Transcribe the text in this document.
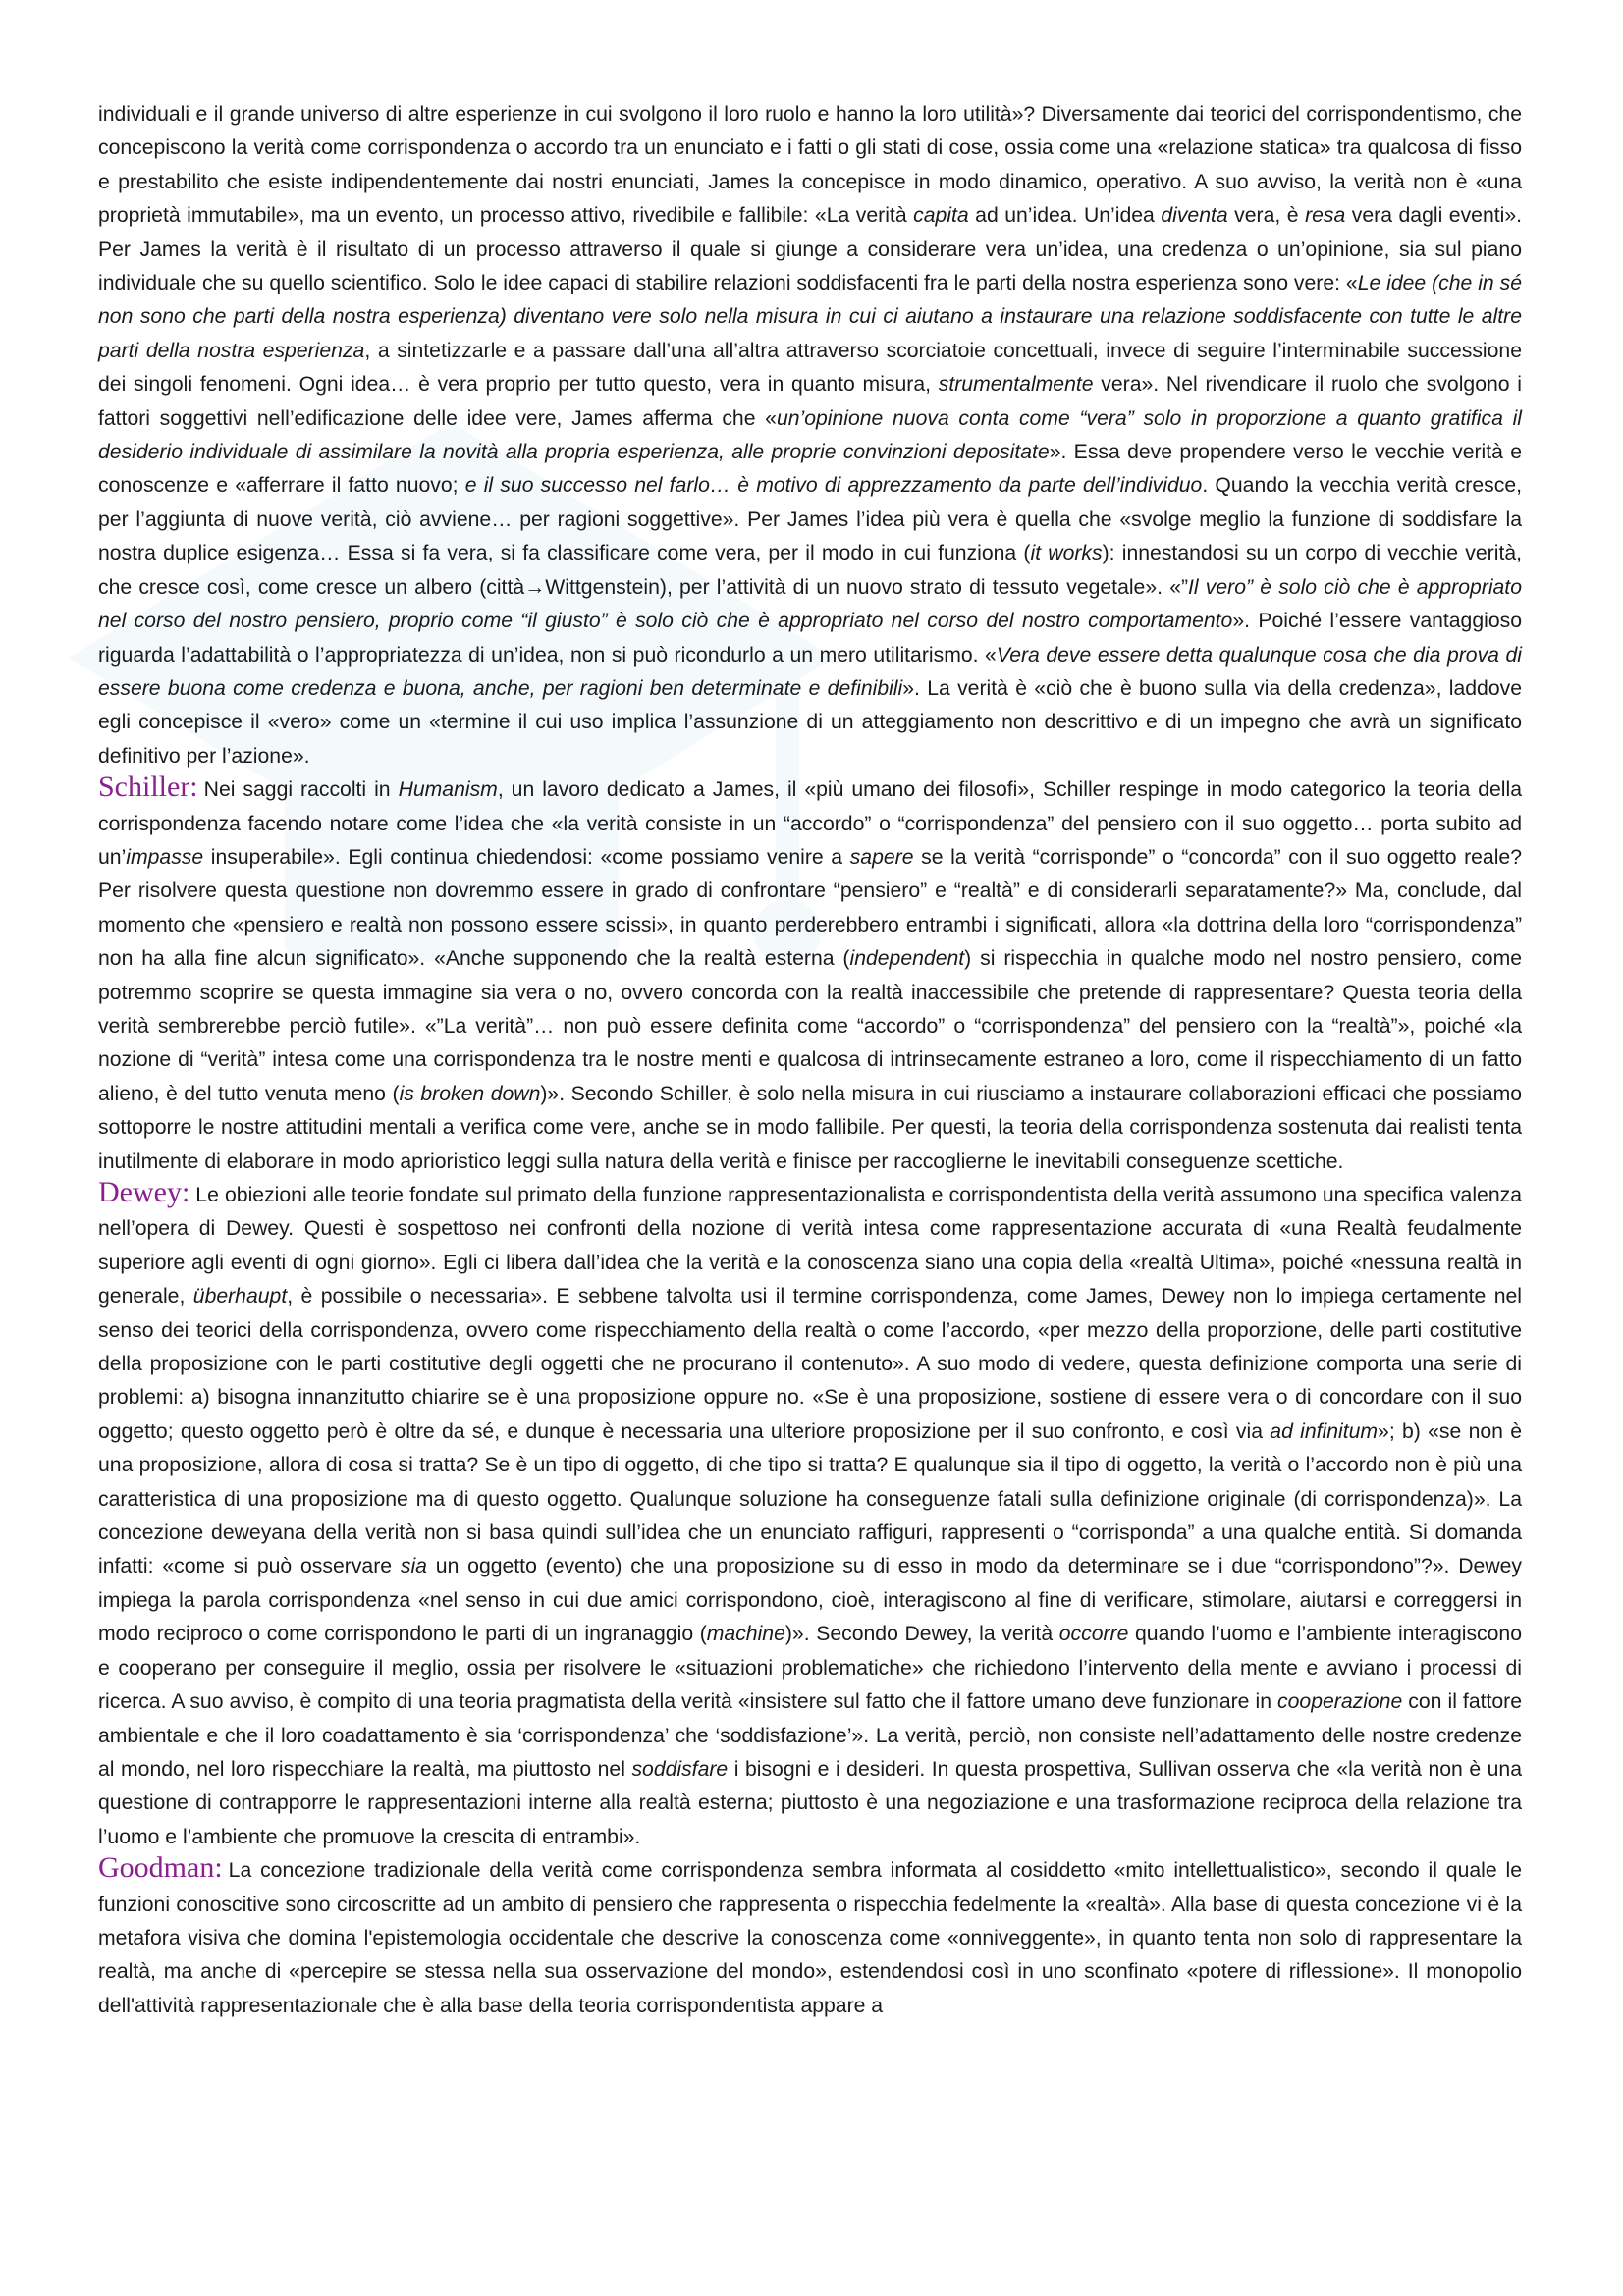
individuali e il grande universo di altre esperienze in cui svolgono il loro ruolo e hanno la loro utilità»? Diversamente dai teorici del corrispondentismo, che concepiscono la verità come corrispondenza o accordo tra un enunciato e i fatti o gli stati di cose, ossia come una «relazione statica» tra qualcosa di fisso e prestabilito che esiste indipendentemente dai nostri enunciati, James la concepisce in modo dinamico, operativo. A suo avviso, la verità non è «una proprietà immutabile», ma un evento, un processo attivo, rivedibile e fallibile: «La verità capita ad un’idea. Un’idea diventa vera, è resa vera dagli eventi». Per James la verità è il risultato di un processo attraverso il quale si giunge a considerare vera un’idea, una credenza o un’opinione, sia sul piano individuale che su quello scientifico. Solo le idee capaci di stabilire relazioni soddisfacenti fra le parti della nostra esperienza sono vere: «Le idee (che in sé non sono che parti della nostra esperienza) diventano vere solo nella misura in cui ci aiutano a instaurare una relazione soddisfacente con tutte le altre parti della nostra esperienza, a sintetizzarle e a passare dall’una all’altra attraverso scorciatoie concettuali, invece di seguire l’interminabile successione dei singoli fenomeni. Ogni idea… è vera proprio per tutto questo, vera in quanto misura, strumentalmente vera». Nel rivendicare il ruolo che svolgono i fattori soggettivi nell’edificazione delle idee vere, James afferma che «un’opinione nuova conta come “vera” solo in proporzione a quanto gratifica il desiderio individuale di assimilare la novità alla propria esperienza, alle proprie convinzioni depositate». Essa deve propendere verso le vecchie verità e conoscenze e «afferrare il fatto nuovo; e il suo successo nel farlo… è motivo di apprezzamento da parte dell’individuo. Quando la vecchia verità cresce, per l’aggiunta di nuove verità, ciò avviene… per ragioni soggettive». Per James l’idea più vera è quella che «svolge meglio la funzione di soddisfare la nostra duplice esigenza… Essa si fa vera, si fa classificare come vera, per il modo in cui funziona (it works): innestandosi su un corpo di vecchie verità, che cresce così, come cresce un albero (città→Wittgenstein), per l’attività di un nuovo strato di tessuto vegetale». «”Il vero” è solo ciò che è appropriato nel corso del nostro pensiero, proprio come “il giusto” è solo ciò che è appropriato nel corso del nostro comportamento». Poiché l’essere vantaggioso riguarda l’adattabilità o l’appropriatezza di un’idea, non si può ricondurlo a un mero utilitarismo. «Vera deve essere detta qualunque cosa che dia prova di essere buona come credenza e buona, anche, per ragioni ben determinate e definibili». La verità è «ciò che è buono sulla via della credenza», laddove egli concepisce il «vero» come un «termine il cui uso implica l’assunzione di un atteggiamento non descrittivo e di un impegno che avrà un significato definitivo per l’azione».

Schiller: Nei saggi raccolti in Humanism, un lavoro dedicato a James, il «più umano dei filosofi», Schiller respinge in modo categorico la teoria della corrispondenza facendo notare come l’idea che «la verità consiste in un “accordo” o “corrispondenza” del pensiero con il suo oggetto… porta subito ad un’impasse insuperabile». Egli continua chiedendosi: «come possiamo venire a sapere se la verità “corrisponde” o “concorda” con il suo oggetto reale? Per risolvere questa questione non dovremmo essere in grado di confrontare “pensiero” e “realtà” e di considerarli separatamente?» Ma, conclude, dal momento che «pensiero e realtà non possono essere scissi», in quanto perderebbero entrambi i significati, allora «la dottrina della loro “corrispondenza” non ha alla fine alcun significato». «Anche supponendo che la realtà esterna (independent) si rispecchia in qualche modo nel nostro pensiero, come potremmo scoprire se questa immagine sia vera o no, ovvero concorda con la realtà inaccessibile che pretende di rappresentare? Questa teoria della verità sembrerebbe perciò futile». «”La verità”… non può essere definita come “accordo” o “corrispondenza” del pensiero con la “realtà”», poiché «la nozione di “verità” intesa come una corrispondenza tra le nostre menti e qualcosa di intrinsecamente estraneo a loro, come il rispecchiamento di un fatto alieno, è del tutto venuta meno (is broken down)». Secondo Schiller, è solo nella misura in cui riusciamo a instaurare collaborazioni efficaci che possiamo sottoporre le nostre attitudini mentali a verifica come vere, anche se in modo fallibile. Per questi, la teoria della corrispondenza sostenuta dai realisti tenta inutilmente di elaborare in modo aprioristico leggi sulla natura della verità e finisce per raccoglierne le inevitabili conseguenze scettiche.

Dewey: Le obiezioni alle teorie fondate sul primato della funzione rappresentazionalista e corrispondentista della verità assumono una specifica valenza nell’opera di Dewey. Questi è sospettoso nei confronti della nozione di verità intesa come rappresentazione accurata di «una Realtà feudalmente superiore agli eventi di ogni giorno». Egli ci libera dall’idea che la verità e la conoscenza siano una copia della «realtà Ultima», poiché «nessuna realtà in generale, überhaupt, è possibile o necessaria». E sebbene talvolta usi il termine corrispondenza, come James, Dewey non lo impiega certamente nel senso dei teorici della corrispondenza, ovvero come rispecchiamento della realtà o come l’accordo, «per mezzo della proporzione, delle parti costitutive della proposizione con le parti costitutive degli oggetti che ne procurano il contenuto». A suo modo di vedere, questa definizione comporta una serie di problemi: a) bisogna innanzitutto chiarire se è una proposizione oppure no. «Se è una proposizione, sostiene di essere vera o di concordare con il suo oggetto; questo oggetto però è oltre da sé, e dunque è necessaria una ulteriore proposizione per il suo confronto, e così via ad infinitum»; b) «se non è una proposizione, allora di cosa si tratta? Se è un tipo di oggetto, di che tipo si tratta? E qualunque sia il tipo di oggetto, la verità o l’accordo non è più una caratteristica di una proposizione ma di questo oggetto. Qualunque soluzione ha conseguenze fatali sulla definizione originale (di corrispondenza)». La concezione deweyana della verità non si basa quindi sull’idea che un enunciato raffiguri, rappresenti o “corrisponda” a una qualche entità. Si domanda infatti: «come si può osservare sia un oggetto (evento) che una proposizione su di esso in modo da determinare se i due “corrispondono”?». Dewey impiega la parola corrispondenza «nel senso in cui due amici corrispondono, cioè, interagiscono al fine di verificare, stimolare, aiutarsi e correggersi in modo reciproco o come corrispondono le parti di un ingranaggio (machine)». Secondo Dewey, la verità occorre quando l’uomo e l’ambiente interagiscono e cooperano per conseguire il meglio, ossia per risolvere le «situazioni problematiche» che richiedono l’intervento della mente e avviano i processi di ricerca. A suo avviso, è compito di una teoria pragmatista della verità «insistere sul fatto che il fattore umano deve funzionare in cooperazione con il fattore ambientale e che il loro coadattamento è sia ‘corrispondenza’ che ‘soddisfazione’». La verità, perciò, non consiste nell’adattamento delle nostre credenze al mondo, nel loro rispecchiare la realtà, ma piuttosto nel soddisfare i bisogni e i desideri. In questa prospettiva, Sullivan osserva che «la verità non è una questione di contrapporre le rappresentazioni interne alla realtà esterna; piuttosto è una negoziazione e una trasformazione reciproca della relazione tra l’uomo e l’ambiente che promuove la crescita di entrambi».

Goodman: La concezione tradizionale della verità come corrispondenza sembra informata al cosiddetto «mito intellettualistico», secondo il quale le funzioni conoscitive sono circoscritte ad un ambito di pensiero che rappresenta o rispecchia fedelmente la «realtà». Alla base di questa concezione vi è la metafora visiva che domina l'epistemologia occidentale che descrive la conoscenza come «onniveggente», in quanto tenta non solo di rappresentare la realtà, ma anche di «percepire se stessa nella sua osservazione del mondo», estendendosi così in uno sconfinato «potere di riflessione». Il monopolio dell'attività rappresentazionale che è alla base della teoria corrispondentista appare a
